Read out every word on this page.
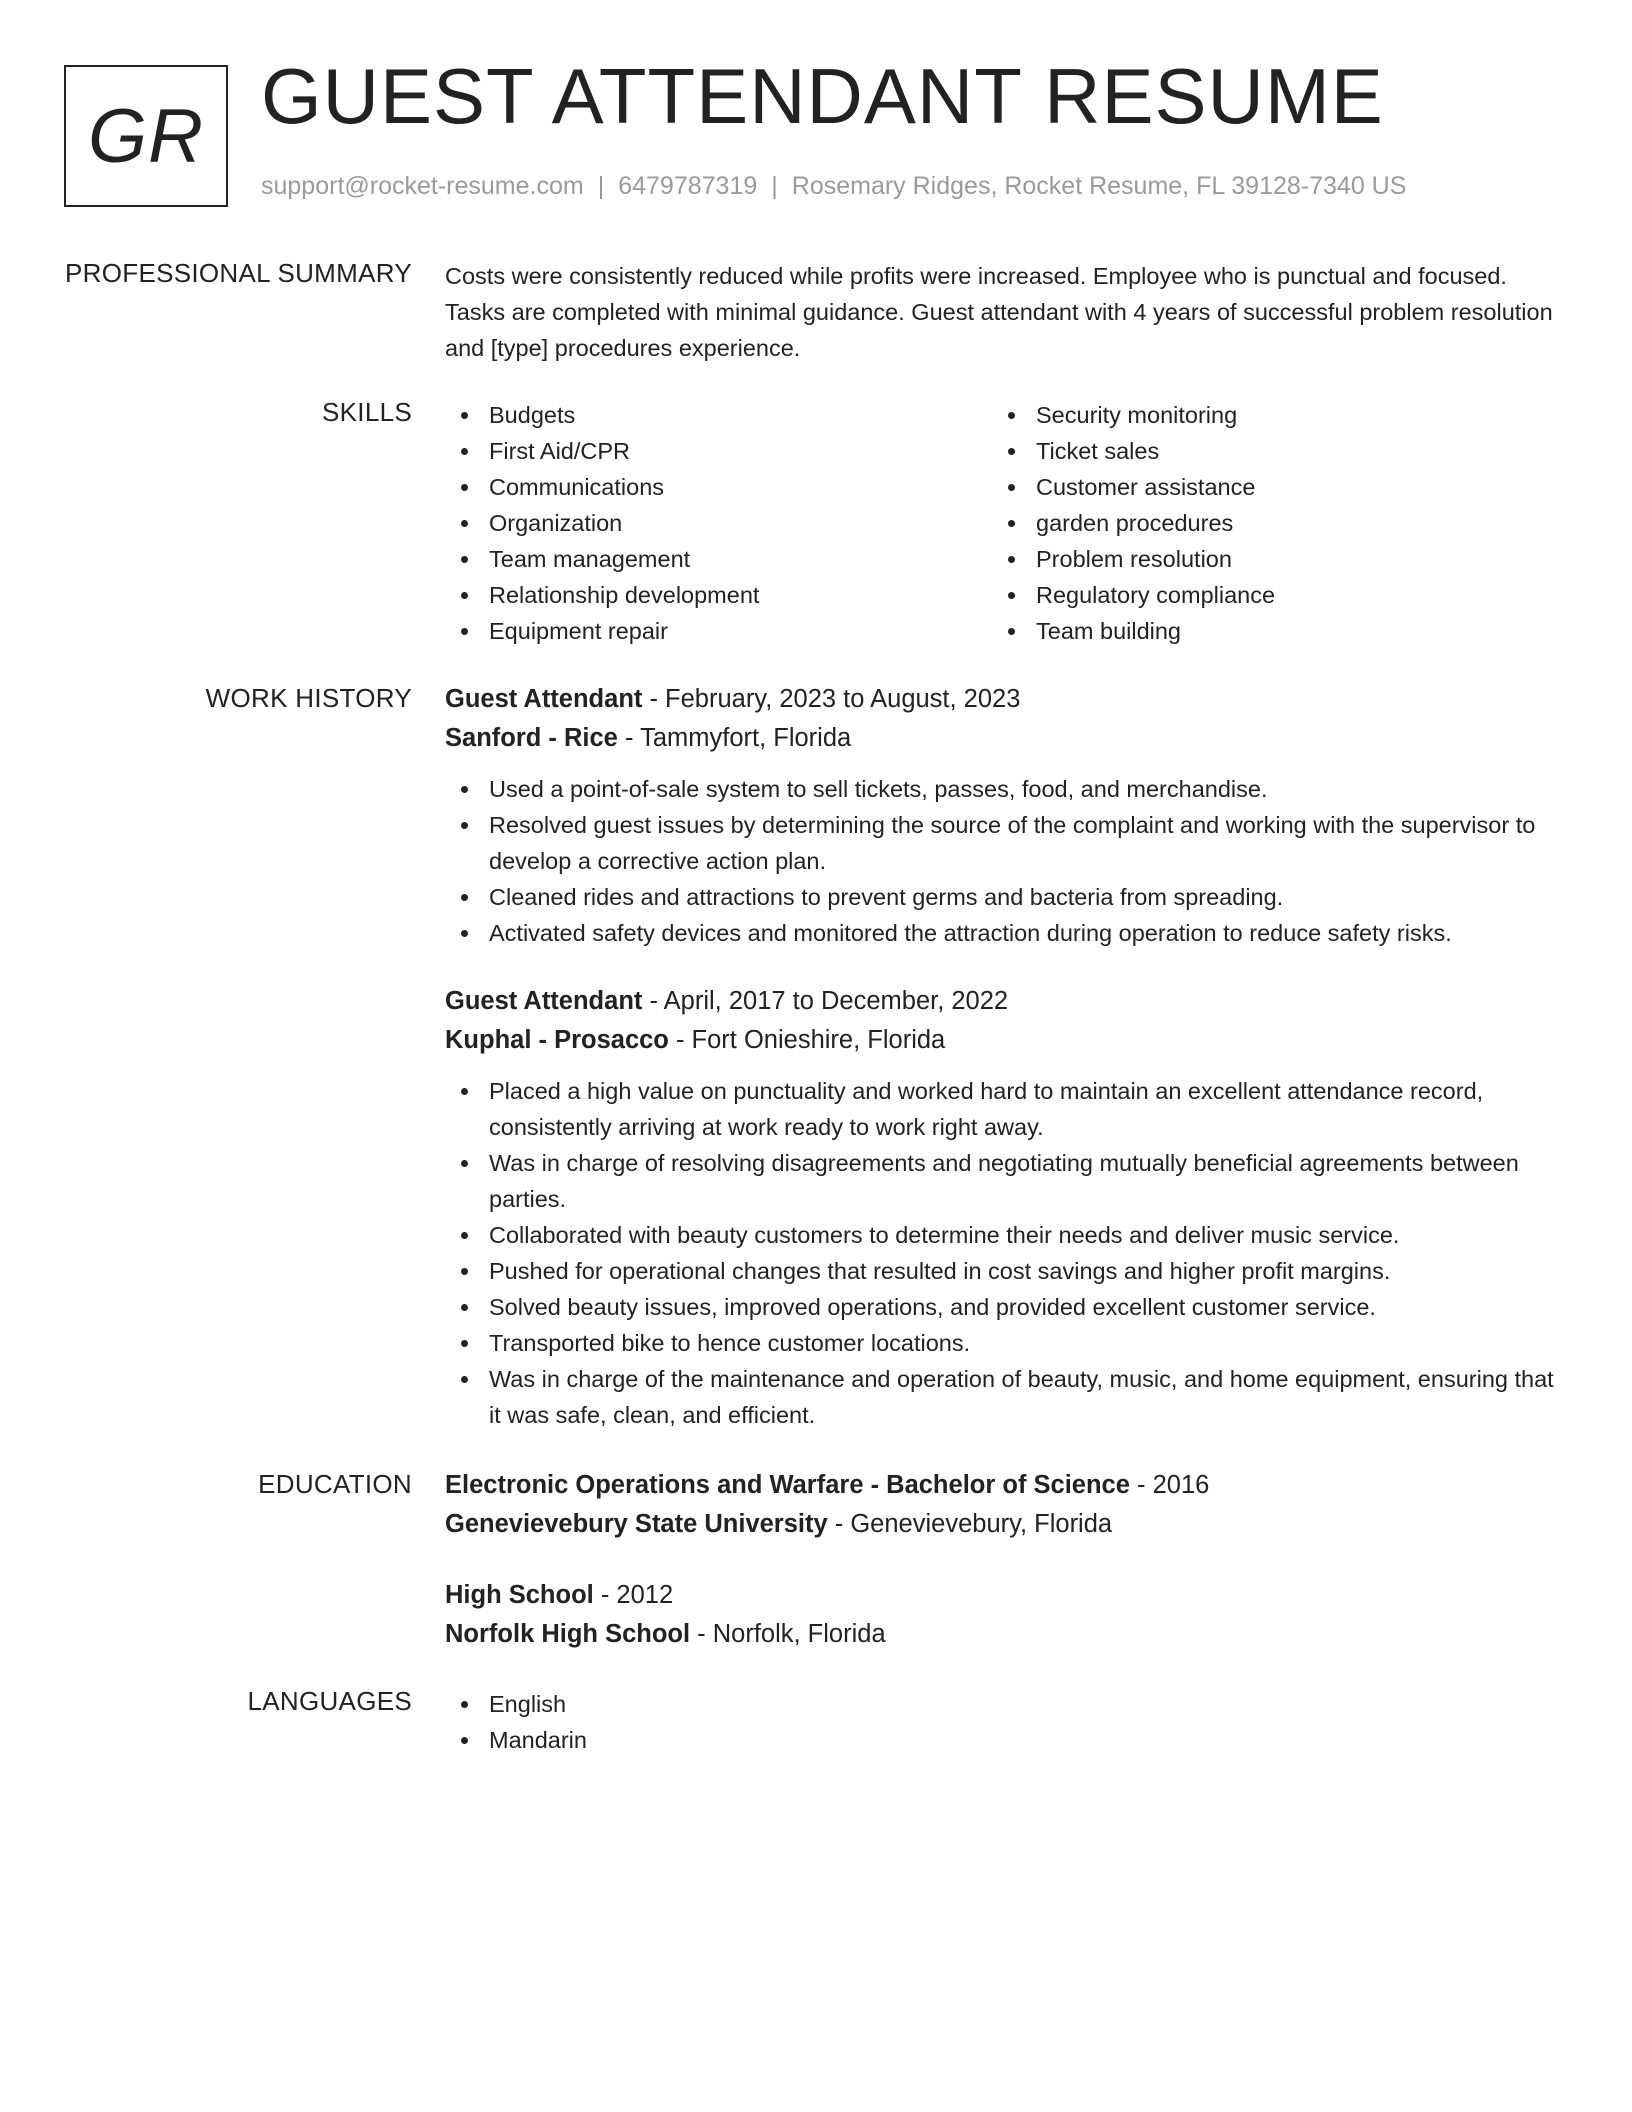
GR GUEST ATTENDANT RESUME
support@rocket-resume.com | 6479787319 | Rosemary Ridges, Rocket Resume, FL 39128-7340 US
PROFESSIONAL SUMMARY Costs were consistently reduced while profits were increased. Employee who is punctual and focused. Tasks are completed with minimal guidance. Guest attendant with 4 years of successful problem resolution and [type] procedures experience.

SKILLS	Budgets
First Aid/CPR
Communications
Organization
Team management
Relationship development
Equipment repair
Security monitoring
Ticket sales
Customer assistance
garden procedures
Problem resolution
Regulatory compliance
Team building
WORK HISTORY Guest Attendant - February, 2023 to August, 2023
Sanford - Rice - Tammyfort, Florida
Used a point-of-sale system to sell tickets, passes, food, and merchandise.
Resolved guest issues by determining the source of the complaint and working with the supervisor to develop a corrective action plan.
Cleaned rides and attractions to prevent germs and bacteria from spreading.
Activated safety devices and monitored the attraction during operation to reduce safety risks.
Guest Attendant - April, 2017 to December, 2022
Kuphal - Prosacco - Fort Onieshire, Florida
Placed a high value on punctuality and worked hard to maintain an excellent attendance record, consistently arriving at work ready to work right away.
Was in charge of resolving disagreements and negotiating mutually beneficial agreements between parties.
Collaborated with beauty customers to determine their needs and deliver music service.
Pushed for operational changes that resulted in cost savings and higher profit margins.
Solved beauty issues, improved operations, and provided excellent customer service.
Transported bike to hence customer locations.
Was in charge of the maintenance and operation of beauty, music, and home equipment, ensuring that it was safe, clean, and efficient.
EDUCATION Electronic Operations and Warfare - Bachelor of Science - 2016
Genevievebury State University - Genevievebury, Florida
High School - 2012
Norfolk High School - Norfolk, Florida
LANGUAGES	English
Mandarin
